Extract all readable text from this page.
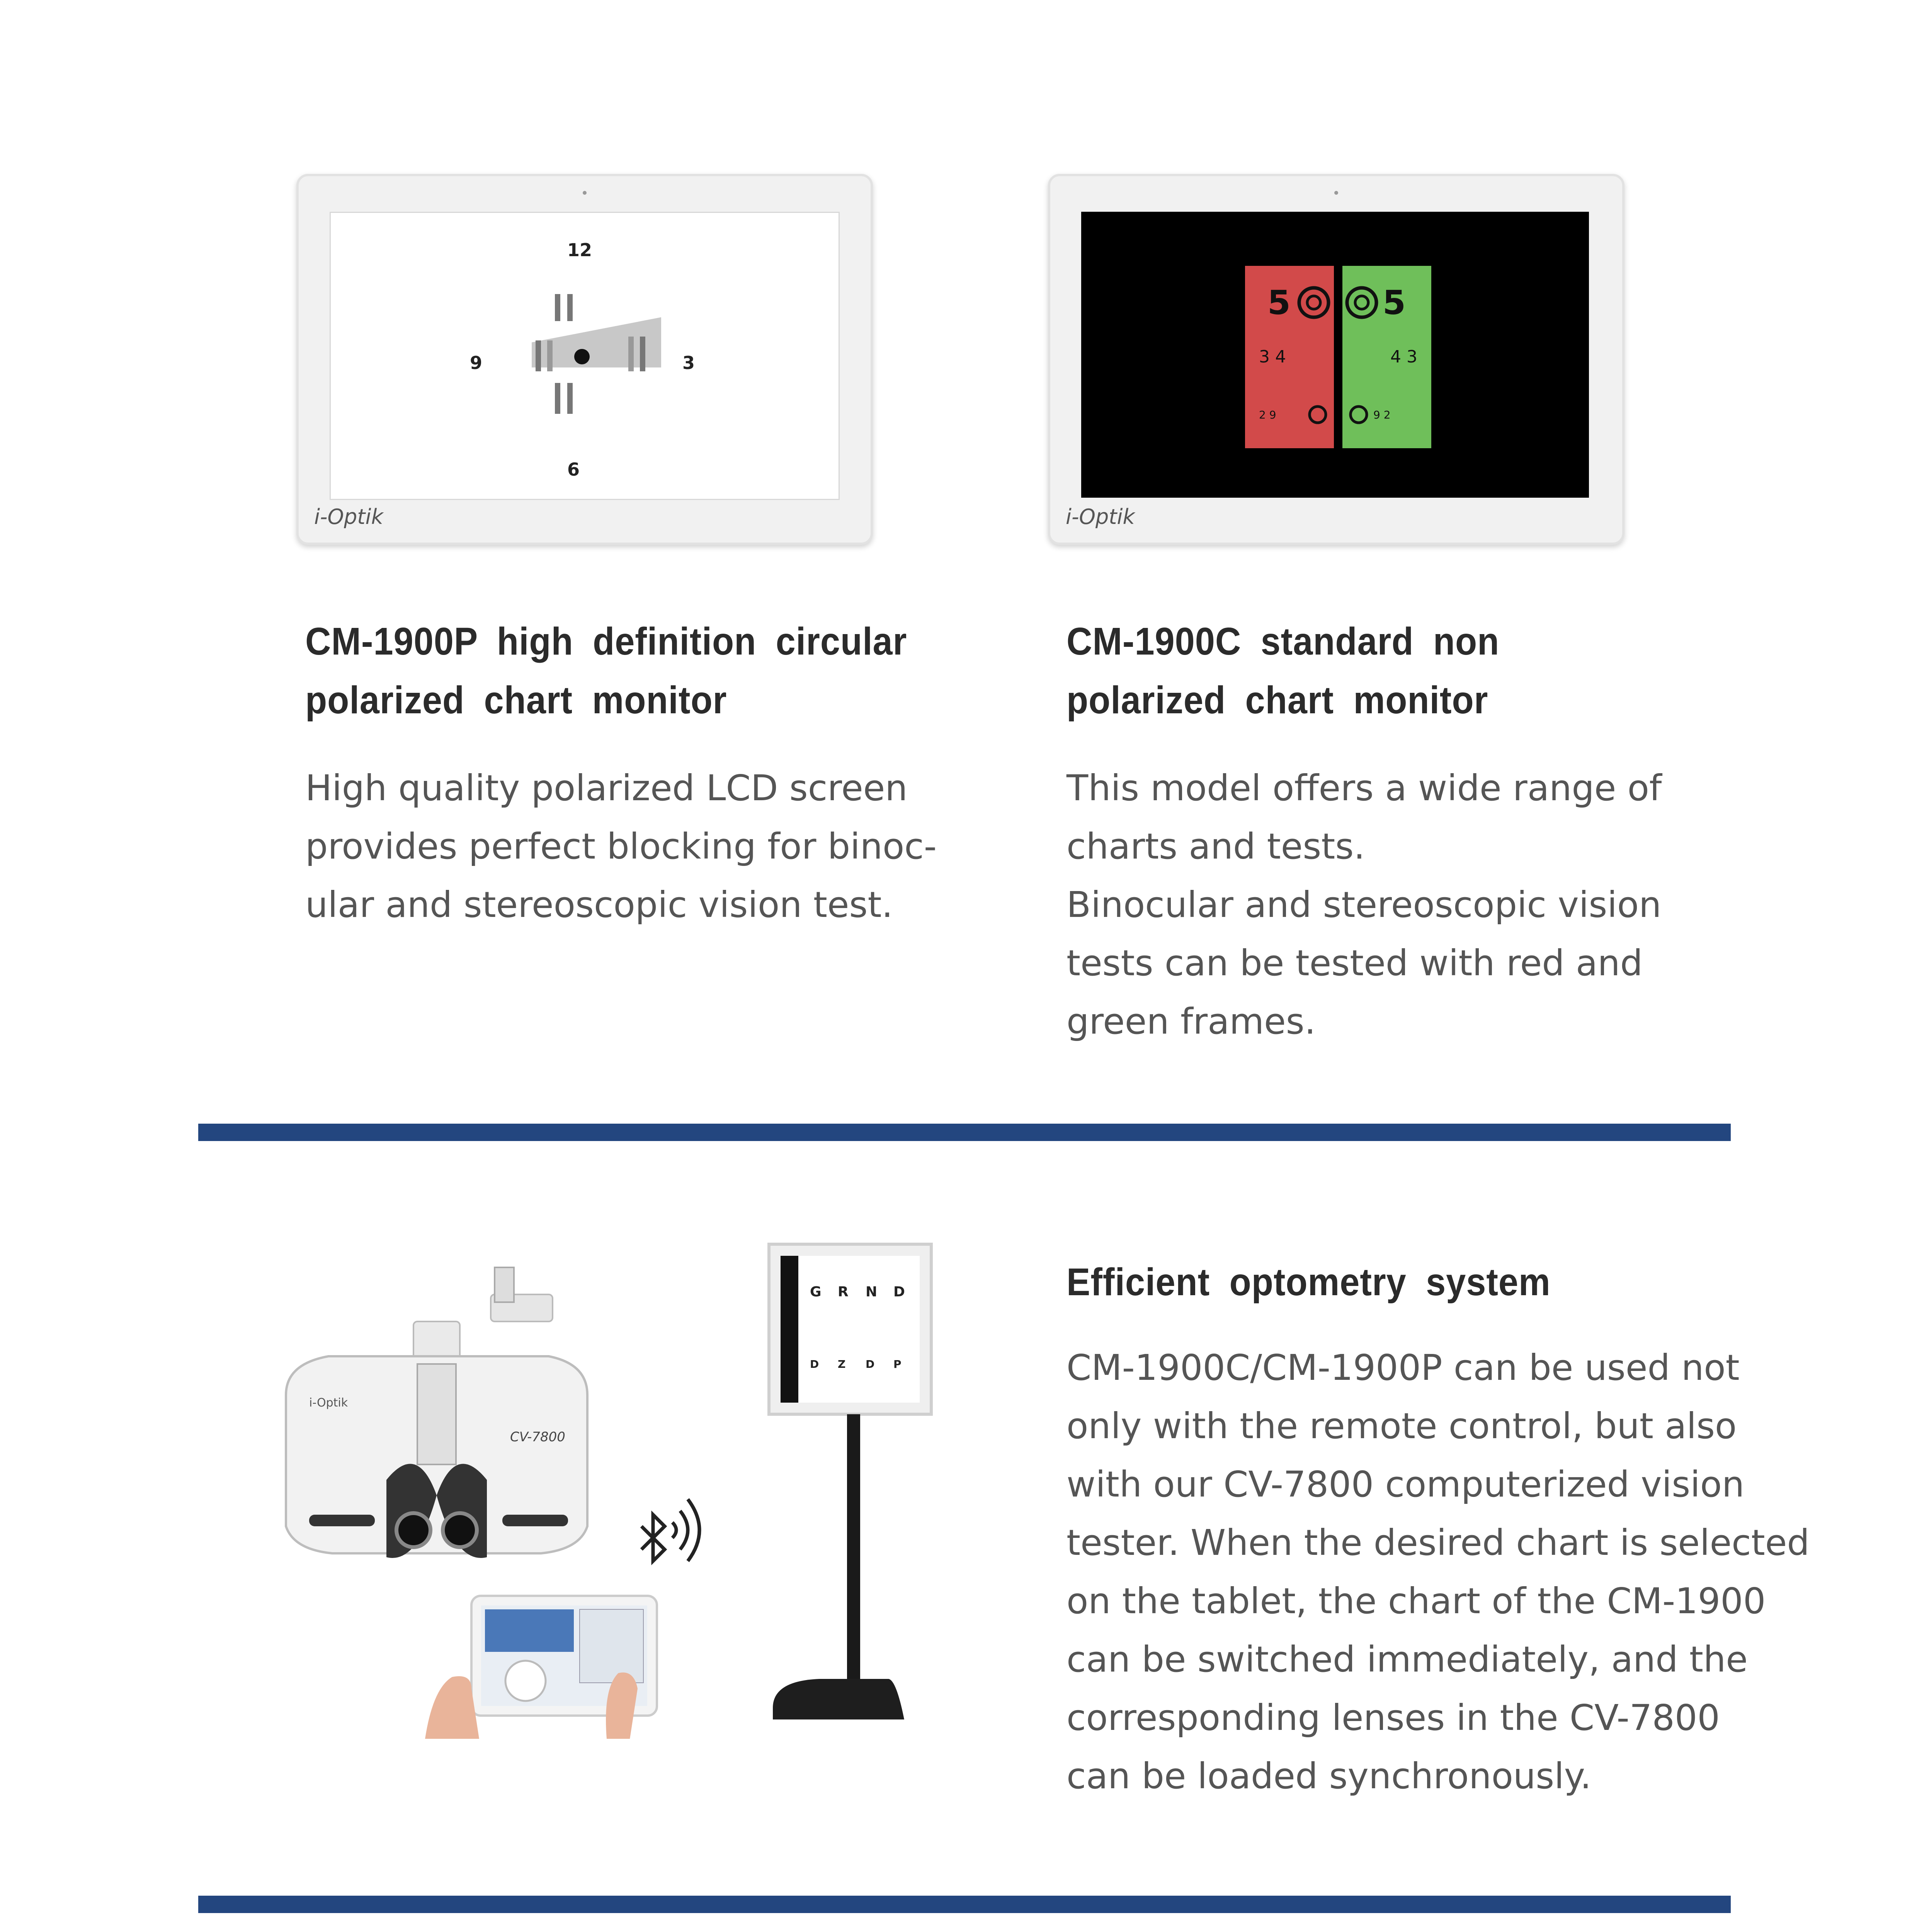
12
6
9	3
i-Optik
5
3 4
2 9
5
4 3
9 2
i-Optik
CM-1900P high definition circular
polarized chart monitor
High quality polarized LCD screen
provides perfect blocking for binoc-
ular and stereoscopic vision test.
CM-1900C standard non
polarized chart monitor
This model offers a wide range of
charts and tests.
Binocular and stereoscopic vision
tests can be tested with red and
green frames.
i-Optik
CV-7800
G R N D
D Z D P
Efficient optometry system
CM-1900C/CM-1900P can be used not
only with the remote control, but also
with our CV-7800 computerized vision
tester. When the desired chart is selected
on the tablet, the chart of the CM-1900
can be switched immediately, and the
corresponding lenses in the CV-7800
can be loaded synchronously.
